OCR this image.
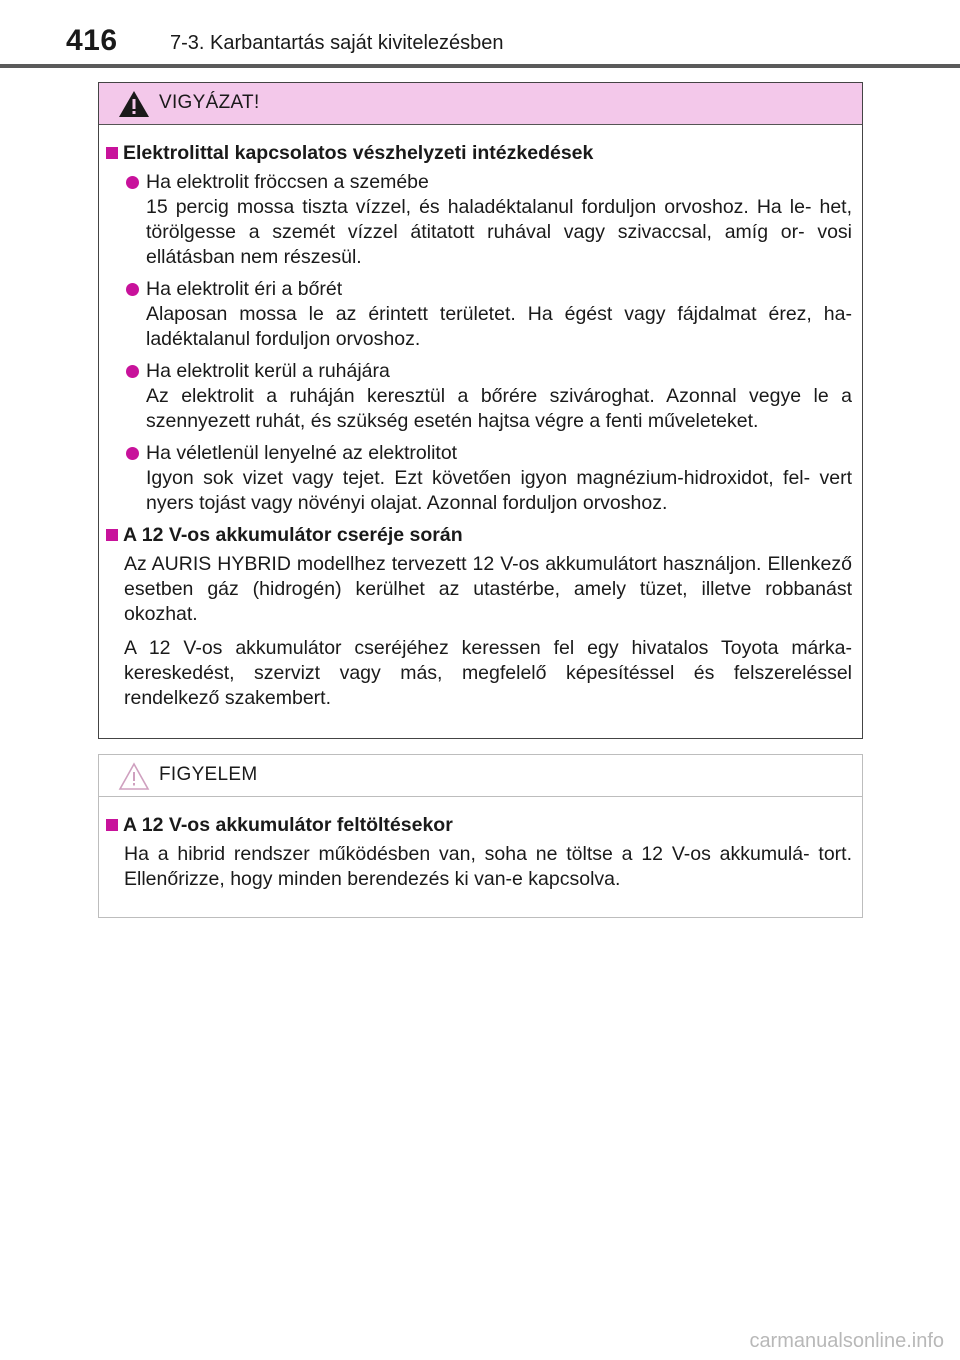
416	7-3. Karbantartás saját kivitelezésben
VIGYÁZAT!
Elektrolittal kapcsolatos vészhelyzeti intézkedések
Ha elektrolit fröccsen a szemébe
15 percig mossa tiszta vízzel, és haladéktalanul forduljon orvoshoz. Ha le- het, törölgesse a szemét vízzel átitatott ruhával vagy szivaccsal, amíg or- vosi ellátásban nem részesül.
Ha elektrolit éri a bőrét
Alaposan mossa le az érintett területet. Ha égést vagy fájdalmat érez, ha- ladéktalanul forduljon orvoshoz.
Ha elektrolit kerül a ruhájára
Az elektrolit a ruháján keresztül a bőrére szivároghat. Azonnal vegye le a szennyezett ruhát, és szükség esetén hajtsa végre a fenti műveleteket.
Ha véletlenül lenyelné az elektrolitot
Igyon sok vizet vagy tejet. Ezt követően igyon magnézium-hidroxidot, fel- vert nyers tojást vagy növényi olajat. Azonnal forduljon orvoshoz.
A 12 V-os akkumulátor cseréje során

Az AURIS HYBRID modellhez tervezett 12 V-os akkumulátort használjon. Ellenkező esetben gáz (hidrogén) kerülhet az utastérbe, amely tüzet, illetve robbanást okozhat.

A 12 V-os akkumulátor cseréjéhez keressen fel egy hivatalos Toyota márka- kereskedést, szervizt vagy más, megfelelő képesítéssel és felszereléssel rendelkező szakembert.

FIGYELEM
A 12 V-os akkumulátor feltöltésekor

Ha a hibrid rendszer működésben van, soha ne töltse a 12 V-os akkumulá- tort. Ellenőrizze, hogy minden berendezés ki van-e kapcsolva.

carmanualsonline.info
